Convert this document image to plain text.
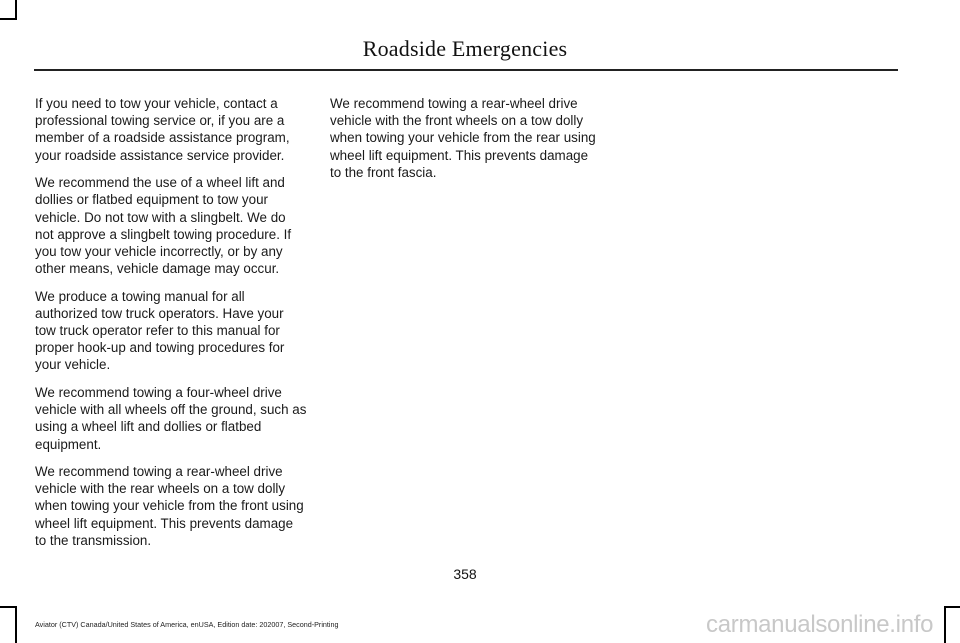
Roadside Emergencies

If you need to tow your vehicle, contact a professional towing service or, if you are a member of a roadside assistance program, your roadside assistance service provider.

We recommend the use of a wheel lift and dollies or flatbed equipment to tow your vehicle. Do not tow with a slingbelt. We do not approve a slingbelt towing procedure. If you tow your vehicle incorrectly, or by any other means, vehicle damage may occur.

We produce a towing manual for all authorized tow truck operators. Have your tow truck operator refer to this manual for proper hook-up and towing procedures for your vehicle.

We recommend towing a four-wheel drive vehicle with all wheels off the ground, such as using a wheel lift and dollies or flatbed equipment.

We recommend towing a rear-wheel drive vehicle with the rear wheels on a tow dolly when towing your vehicle from the front using wheel lift equipment. This prevents damage to the transmission.

We recommend towing a rear-wheel drive vehicle with the front wheels on a tow dolly when towing your vehicle from the rear using wheel lift equipment. This prevents damage to the front fascia.

358
Aviator (CTV) Canada/United States of America, enUSA, Edition date: 202007, Second-Printing	carmanualsonline.info
